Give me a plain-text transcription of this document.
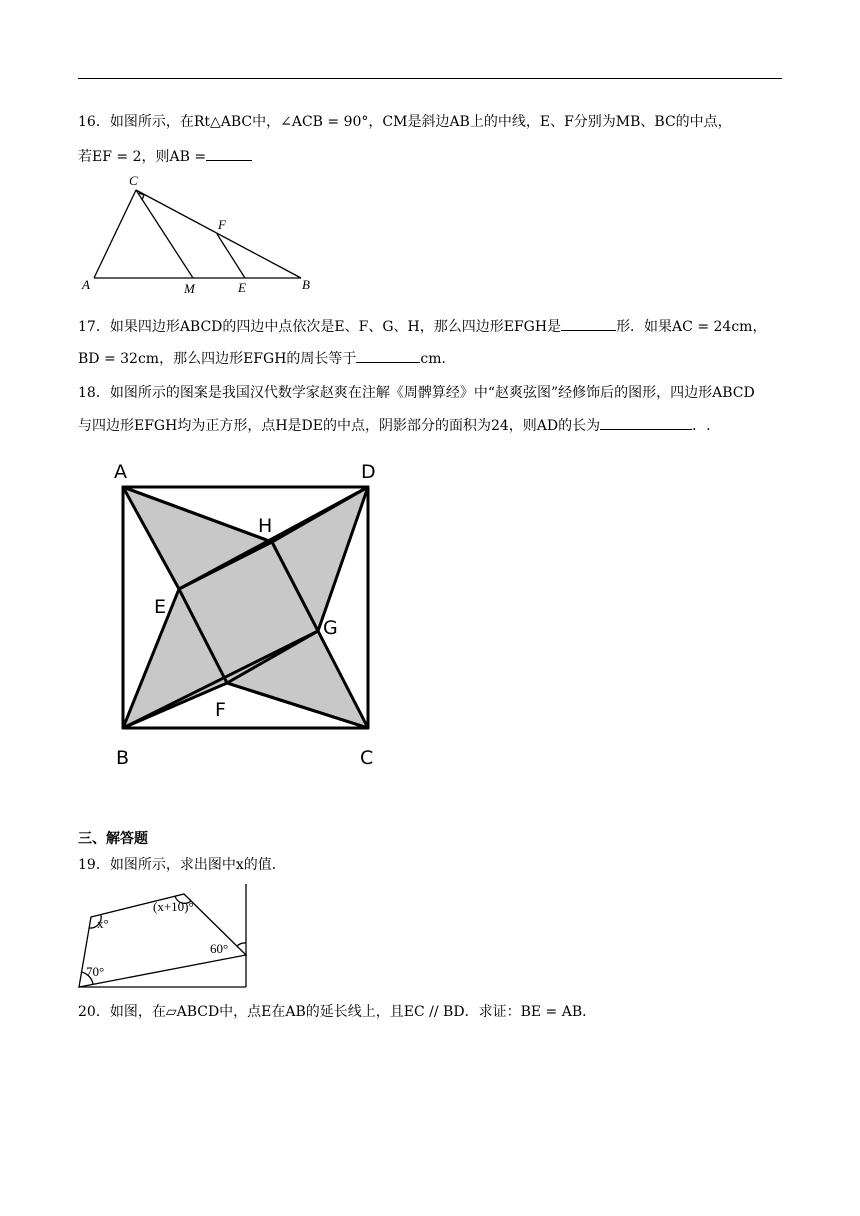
16．如图所示，在Rt△ABC中，∠ACB = 90°，CM是斜边AB上的中线，E、F分别为MB、BC的中点，
若EF = 2，则AB =
C
F
A	M	E	B
17．如果四边形ABCD的四边中点依次是E、F、G、H，那么四边形EFGH是	形．如果AC = 24cm，
BD = 32cm，那么四边形EFGH的周长等于	cm．
18．如图所示的图案是我国汉代数学家赵爽在注解《周髀算经》中“赵爽弦图”经修饰后的图形，四边形ABCD
与四边形EFGH均为正方形，点H是DE的中点，阴影部分的面积为24，则AD的长为	．.
A	D
H
E
G
F
B	C
三、解答题
19．如图所示，求出图中x的值．
x°
(x+10)°
60°
70°
20．如图，在▱ABCD中，点E在AB的延长线上，且EC // BD．求证：BE = AB．
